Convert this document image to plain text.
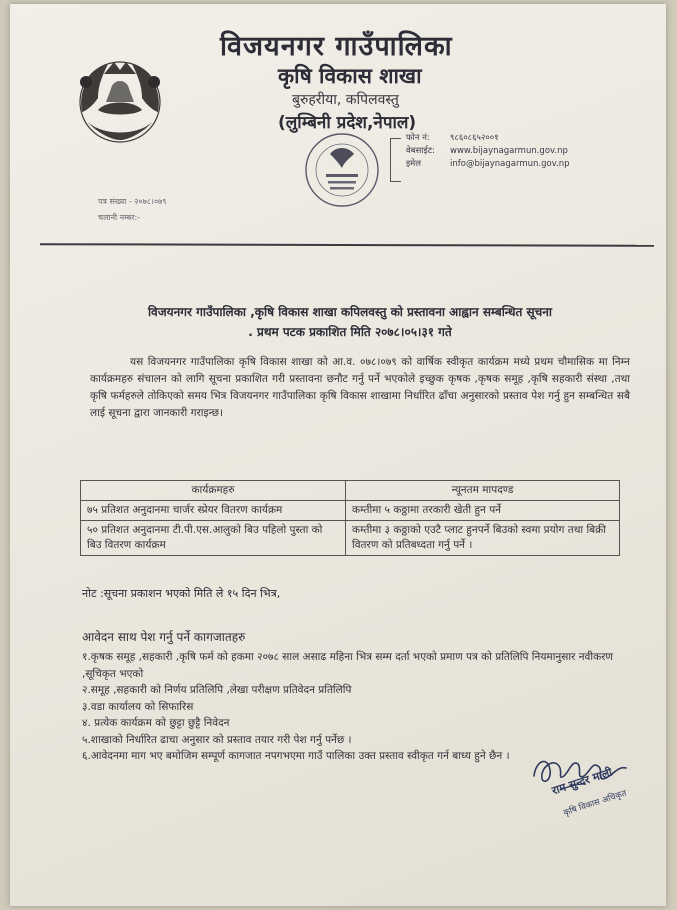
विजयनगर गाउँपालिका
कृषि विकास शाखा
बुरुहरीया, कपिलवस्तु
(लुम्बिनी प्रदेश,नेपाल)
फोन नं: ९८६०८६५२००१
वेबसाईट: www.bijaynagarmun.gov.np
इमेल	info@bijaynagarmun.gov.np
पत्र संख्या - २०७८।०७९
चलानी नम्बर:-
विजयनगर गाउँपालिका ,कृषि विकास शाखा कपिलवस्तु को प्रस्तावना आह्वान सम्बन्धित सूचना
. प्रथम पटक प्रकाशित मिति २०७८।०५।३१ गते
यस विजयनगर गाउँपालिका कृषि विकास शाखा को आ.व. ०७८।०७९ को वार्षिक स्वीकृत कार्यक्रम मध्ये प्रथम चौमासिक मा निम्न कार्यक्रमहरु संचालन को लागि सूचना प्रकाशित गरी प्रस्तावना छनौट गर्नु पर्ने भएकोले इच्छुक कृषक ,कृषक समूह ,कृषि सहकारी संस्था ,तथा कृषि फर्महरुले तोकिएको समय भित्र विजयनगर गाउँपालिका कृषि विकास शाखामा निर्धारित ढाँचा अनुसारको प्रस्ताव पेश गर्नु हुन सम्बन्धित सबै लाई सूचना द्वारा जानकारी गराइन्छ।
कार्यक्रमहरु	न्यूनतम मापदण्ड
७५ प्रतिशत अनुदानमा चार्जर स्प्रेयर वितरण कार्यक्रम	कम्तीमा ५ कठ्ठामा तरकारी खेती हुन पर्ने
५० प्रतिशत अनुदानमा टी.पी.एस.आलुको बिउ पहिलो पुस्ता को बिउ वितरण कार्यक्रम	कम्तीमा ३ कठ्ठाको एउटै प्लाट हुनपर्ने बिउको स्वमा प्रयोग तथा बिक्री वितरण को प्रतिबध्दता गर्नु पर्ने ।
नोट :सूचना प्रकाशन भएको मिति ले १५ दिन भित्र,
आवेदन साथ पेश गर्नु पर्ने कागजातहरु
१.कृषक समूह ,सहकारी ,कृषि फर्म को हकमा २०७८ साल असाढ महिना भित्र सम्म दर्ता भएको प्रमाण पत्र को प्रतिलिपि नियमानुसार नवीकरण ,सूचिकृत भएको
२.समूह ,सहकारी को निर्णय प्रतिलिपि ,लेखा परीक्षण प्रतिवेदन प्रतिलिपि
३.वडा कार्यालय को सिफारिस
४. प्रत्येक कार्यक्रम को छुट्टा छुट्टै निवेदन
५.शाखाको निर्धारित ढाचा अनुसार को प्रस्ताव तयार गरी पेश गर्नु पर्नेछ ।
६.आवेदनमा माग भए बमोजिम सम्पूर्ण कागजात नपगभएमा गाउँ पालिका उक्त प्रस्ताव स्वीकृत गर्न बाध्य हुने छैन ।
राम सुन्दर माली
कृषि विकास अधिकृत
